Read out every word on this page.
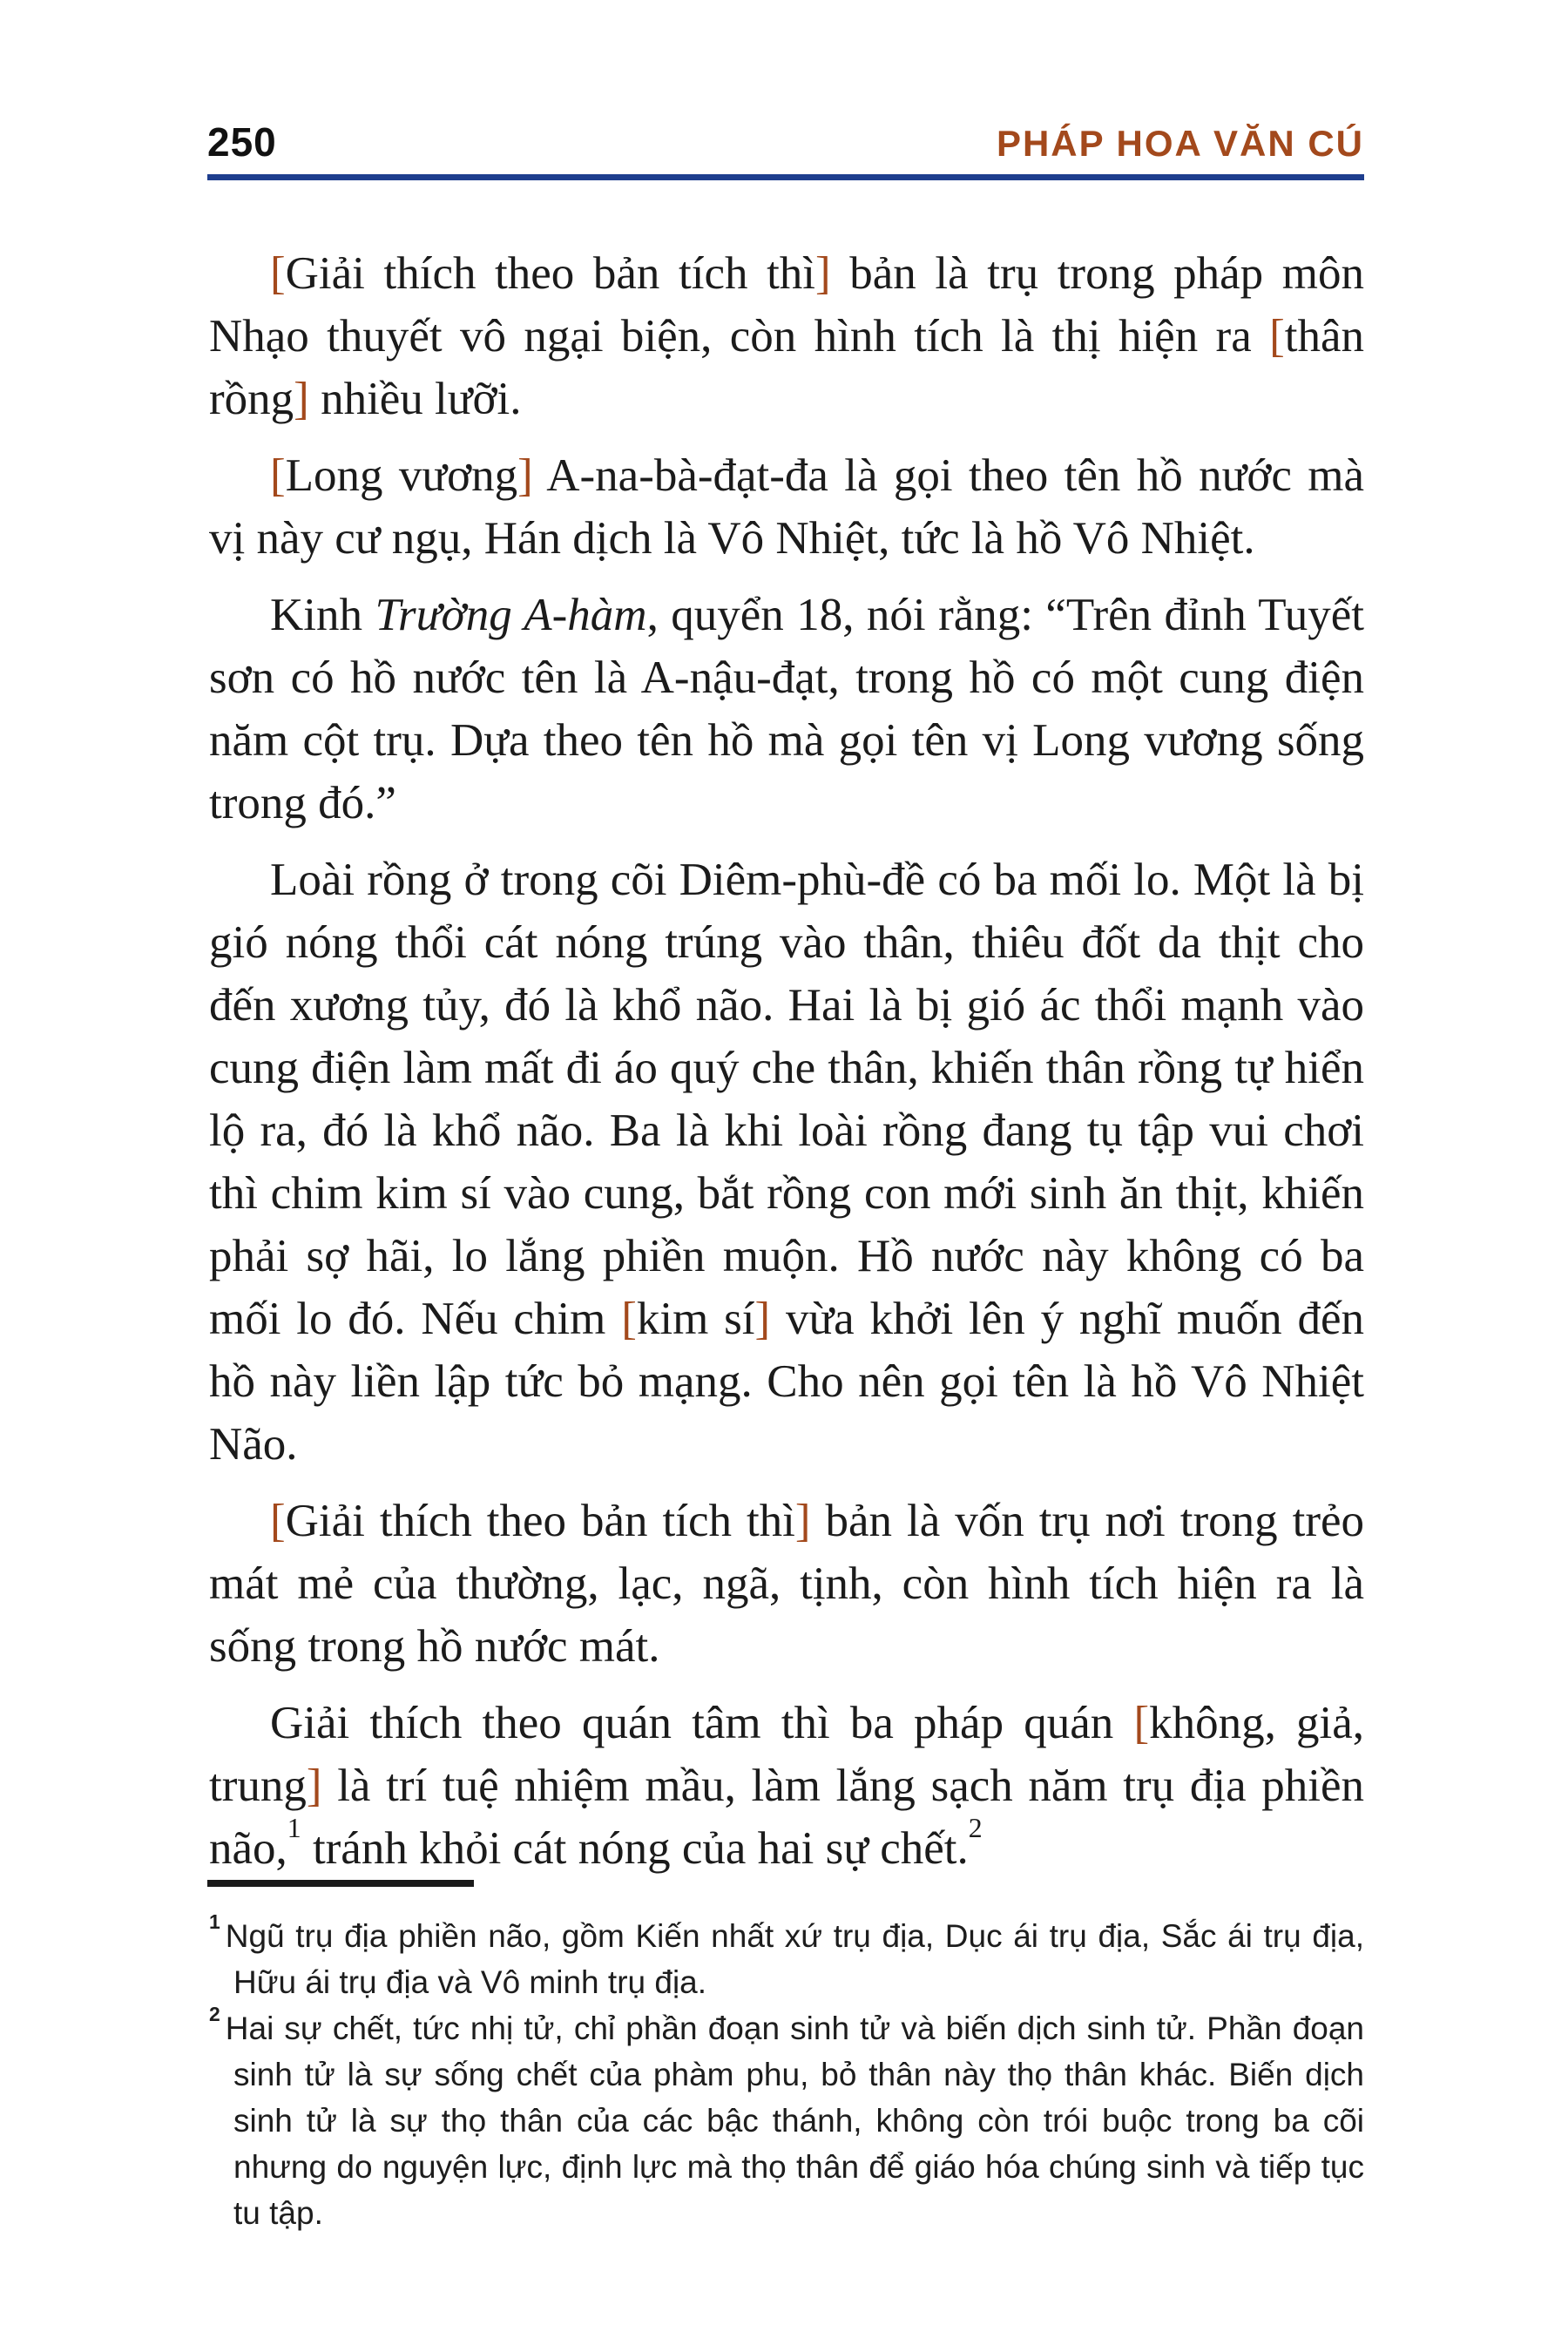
250	PHÁP HOA VĂN CÚ

[Giải thích theo bản tích thì] bản là trụ trong pháp môn Nhạo thuyết vô ngại biện, còn hình tích là thị hiện ra [thân rồng] nhiều lưỡi.

[Long vương] A-na-bà-đạt-đa là gọi theo tên hồ nước mà vị này cư ngụ, Hán dịch là Vô Nhiệt, tức là hồ Vô Nhiệt.

Kinh Trường A-hàm, quyển 18, nói rằng: “Trên đỉnh Tuyết sơn có hồ nước tên là A-nậu-đạt, trong hồ có một cung điện năm cột trụ. Dựa theo tên hồ mà gọi tên vị Long vương sống trong đó.”

Loài rồng ở trong cõi Diêm-phù-đề có ba mối lo. Một là bị gió nóng thổi cát nóng trúng vào thân, thiêu đốt da thịt cho đến xương tủy, đó là khổ não. Hai là bị gió ác thổi mạnh vào cung điện làm mất đi áo quý che thân, khiến thân rồng tự hiển lộ ra, đó là khổ não. Ba là khi loài rồng đang tụ tập vui chơi thì chim kim sí vào cung, bắt rồng con mới sinh ăn thịt, khiến phải sợ hãi, lo lắng phiền muộn. Hồ nước này không có ba mối lo đó. Nếu chim [kim sí] vừa khởi lên ý nghĩ muốn đến hồ này liền lập tức bỏ mạng. Cho nên gọi tên là hồ Vô Nhiệt Não.

[Giải thích theo bản tích thì] bản là vốn trụ nơi trong trẻo mát mẻ của thường, lạc, ngã, tịnh, còn hình tích hiện ra là sống trong hồ nước mát.

Giải thích theo quán tâm thì ba pháp quán [không, giả, trung] là trí tuệ nhiệm mầu, làm lắng sạch năm trụ địa phiền não,$^1$ tránh khỏi cát nóng của hai sự chết.$^2$

$^1$ Ngũ trụ địa phiền não, gồm Kiến nhất xứ trụ địa, Dục ái trụ địa, Sắc ái trụ địa, Hữu ái trụ địa và Vô minh trụ địa.

$^2$ Hai sự chết, tức nhị tử, chỉ phần đoạn sinh tử và biến dịch sinh tử. Phần đoạn sinh tử là sự sống chết của phàm phu, bỏ thân này thọ thân khác. Biến dịch sinh tử là sự thọ thân của các bậc thánh, không còn trói buộc trong ba cõi nhưng do nguyện lực, định lực mà thọ thân để giáo hóa chúng sinh và tiếp tục tu tập.
